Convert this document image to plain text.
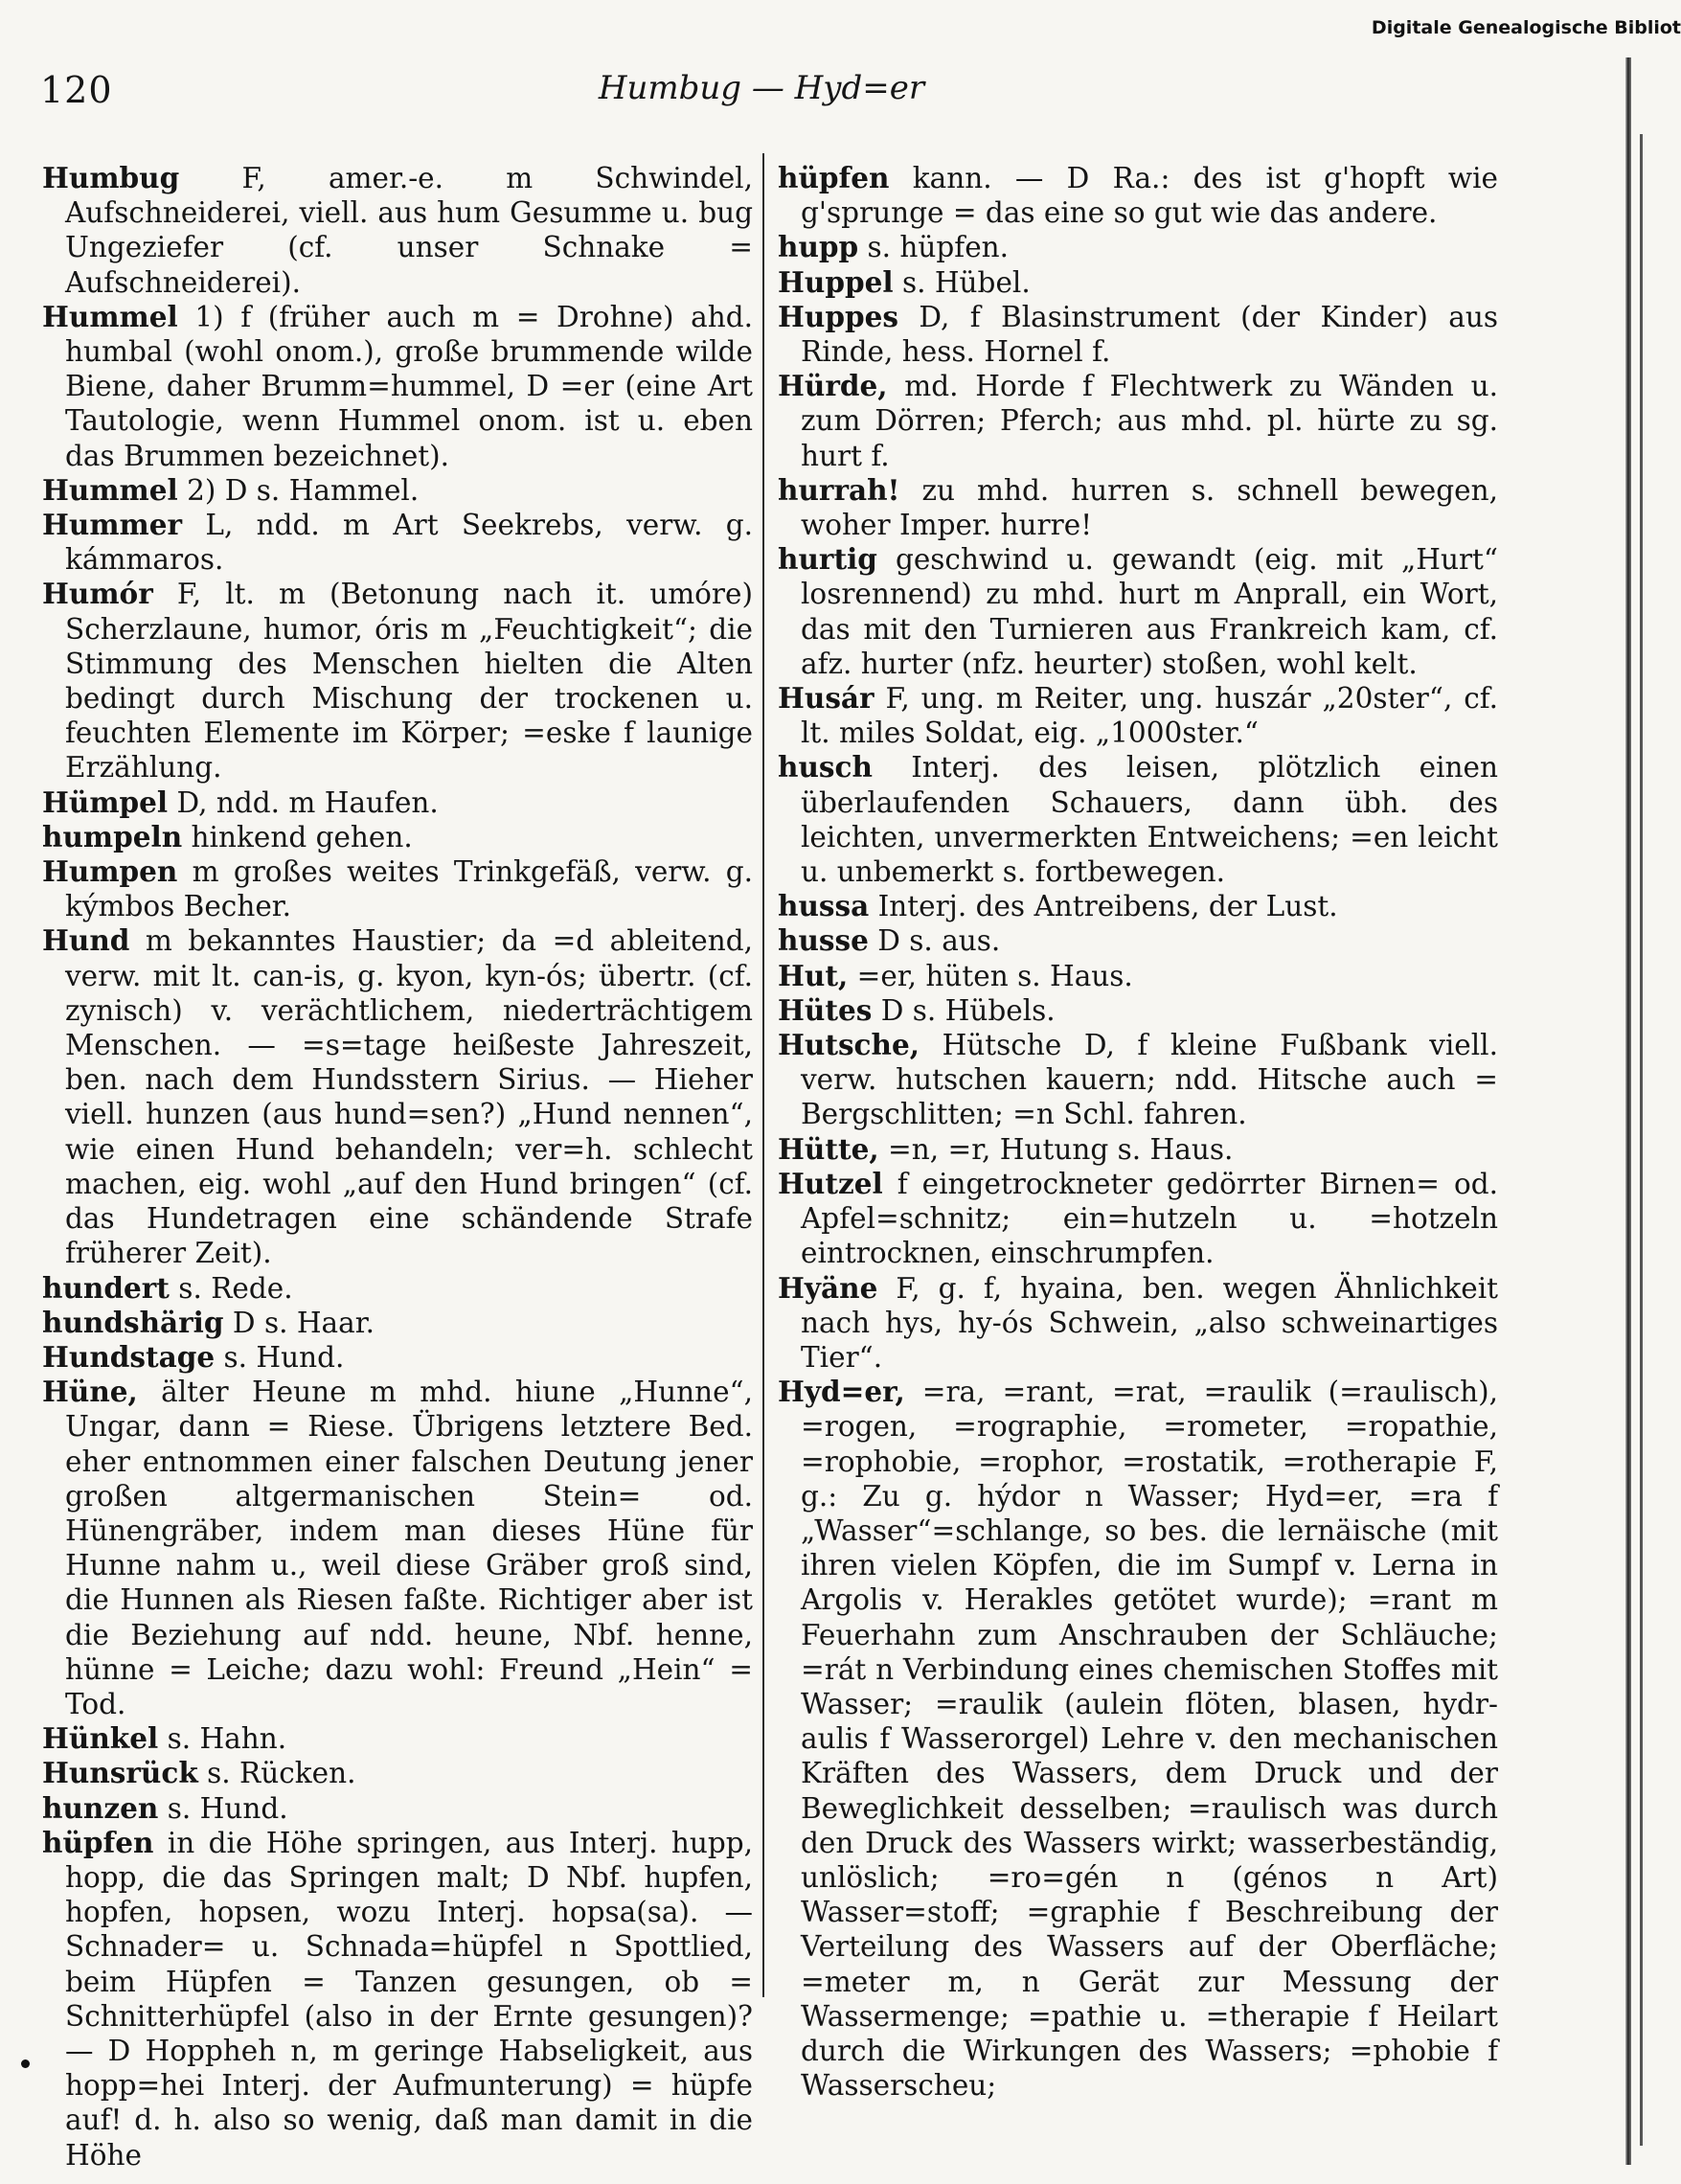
Digitale Genealogische Bibliot
120	Humbug — Hyd=er

Humbug F, amer.-e. m Schwindel, Aufschneiderei, viell. aus hum Gesumme u. bug Ungeziefer (cf. unser Schnake = Aufschneiderei).

Hummel 1) f (früher auch m = Drohne) ahd. humbal (wohl onom.), große brummende wilde Biene, daher Brumm=hummel, D =er (eine Art Tautologie, wenn Hummel onom. ist u. eben das Brummen bezeichnet).

Hummel 2) D s. Hammel.

Hummer L, ndd. m Art Seekrebs, verw. g. kámmaros.

Humór F, lt. m (Betonung nach it. umóre) Scherzlaune, humor, óris m „Feuchtigkeit“; die Stimmung des Menschen hielten die Alten bedingt durch Mischung der trockenen u. feuchten Elemente im Körper; =eske f launige Erzählung.

Hümpel D, ndd. m Haufen.

humpeln hinkend gehen.

Humpen m großes weites Trinkgefäß, verw. g. kýmbos Becher.

Hund m bekanntes Haustier; da =d ableitend, verw. mit lt. can-is, g. kyon, kyn-ós; übertr. (cf. zynisch) v. verächtlichem, niederträchtigem Menschen. — =s=tage heißeste Jahreszeit, ben. nach dem Hundsstern Sirius. — Hieher viell. hunzen (aus hund=sen?) „Hund nennen“, wie einen Hund behandeln; ver=h. schlecht machen, eig. wohl „auf den Hund bringen“ (cf. das Hundetragen eine schändende Strafe früherer Zeit).

hundert s. Rede.

hundshärig D s. Haar.

Hundstage s. Hund.

Hüne, älter Heune m mhd. hiune „Hunne“, Ungar, dann = Riese. Übrigens letztere Bed. eher entnommen einer falschen Deutung jener großen altgermanischen Stein= od. Hünengräber, indem man dieses Hüne für Hunne nahm u., weil diese Gräber groß sind, die Hunnen als Riesen faßte. Richtiger aber ist die Beziehung auf ndd. heune, Nbf. henne, hünne = Leiche; dazu wohl: Freund „Hein“ = Tod.

Hünkel s. Hahn.

Hunsrück s. Rücken.

hunzen s. Hund.

hüpfen in die Höhe springen, aus Interj. hupp, hopp, die das Springen malt; D Nbf. hupfen, hopfen, hopsen, wozu Interj. hopsa(sa). — Schnader= u. Schnada=hüpfel n Spottlied, beim Hüpfen = Tanzen gesungen, ob = Schnitterhüpfel (also in der Ernte gesungen)? — D Hoppheh n, m geringe Habseligkeit, aus hopp=hei Interj. der Aufmunterung) = hüpfe auf! d. h. also so wenig, daß man damit in die Höhe

hüpfen kann. — D Ra.: des ist g'hopft wie g'sprunge = das eine so gut wie das andere.

hupp s. hüpfen.

Huppel s. Hübel.

Huppes D, f Blasinstrument (der Kinder) aus Rinde, hess. Hornel f.

Hürde, md. Horde f Flechtwerk zu Wänden u. zum Dörren; Pferch; aus mhd. pl. hürte zu sg. hurt f.

hurrah! zu mhd. hurren s. schnell bewegen, woher Imper. hurre!

hurtig geschwind u. gewandt (eig. mit „Hurt“ losrennend) zu mhd. hurt m Anprall, ein Wort, das mit den Turnieren aus Frankreich kam, cf. afz. hurter (nfz. heurter) stoßen, wohl kelt.

Husár F, ung. m Reiter, ung. huszár „20ster“, cf. lt. miles Soldat, eig. „1000ster.“

husch Interj. des leisen, plötzlich einen überlaufenden Schauers, dann übh. des leichten, unvermerkten Entweichens; =en leicht u. unbemerkt s. fortbewegen.

hussa Interj. des Antreibens, der Lust.

husse D s. aus.

Hut, =er, hüten s. Haus.

Hütes D s. Hübels.

Hutsche, Hütsche D, f kleine Fußbank viell. verw. hutschen kauern; ndd. Hitsche auch = Bergschlitten; =n Schl. fahren.

Hütte, =n, =r, Hutung s. Haus.

Hutzel f eingetrockneter gedörrter Birnen= od. Apfel=schnitz; ein=hutzeln u. =hotzeln eintrocknen, einschrumpfen.

Hyäne F, g. f, hyaina, ben. wegen Ähnlichkeit nach hys, hy-ós Schwein, „also schweinartiges Tier“.

Hyd=er, =ra, =rant, =rat, =raulik (=raulisch), =rogen, =rographie, =rometer, =ropathie, =rophobie, =rophor, =rostatik, =rotherapie F, g.: Zu g. hýdor n Wasser; Hyd=er, =ra f „Wasser“=schlange, so bes. die lernäische (mit ihren vielen Köpfen, die im Sumpf v. Lerna in Argolis v. Herakles getötet wurde); =rant m Feuerhahn zum Anschrauben der Schläuche; =rát n Verbindung eines chemischen Stoffes mit Wasser; =raulik (aulein flöten, blasen, hydr-aulis f Wasserorgel) Lehre v. den mechanischen Kräften des Wassers, dem Druck und der Beweglichkeit desselben; =raulisch was durch den Druck des Wassers wirkt; wasserbeständig, unlöslich; =ro=gén n (génos n Art) Wasser=stoff; =graphie f Beschreibung der Verteilung des Wassers auf der Oberfläche; =meter m, n Gerät zur Messung der Wassermenge; =pathie u. =therapie f Heilart durch die Wirkungen des Wassers; =phobie f Wasserscheu;
